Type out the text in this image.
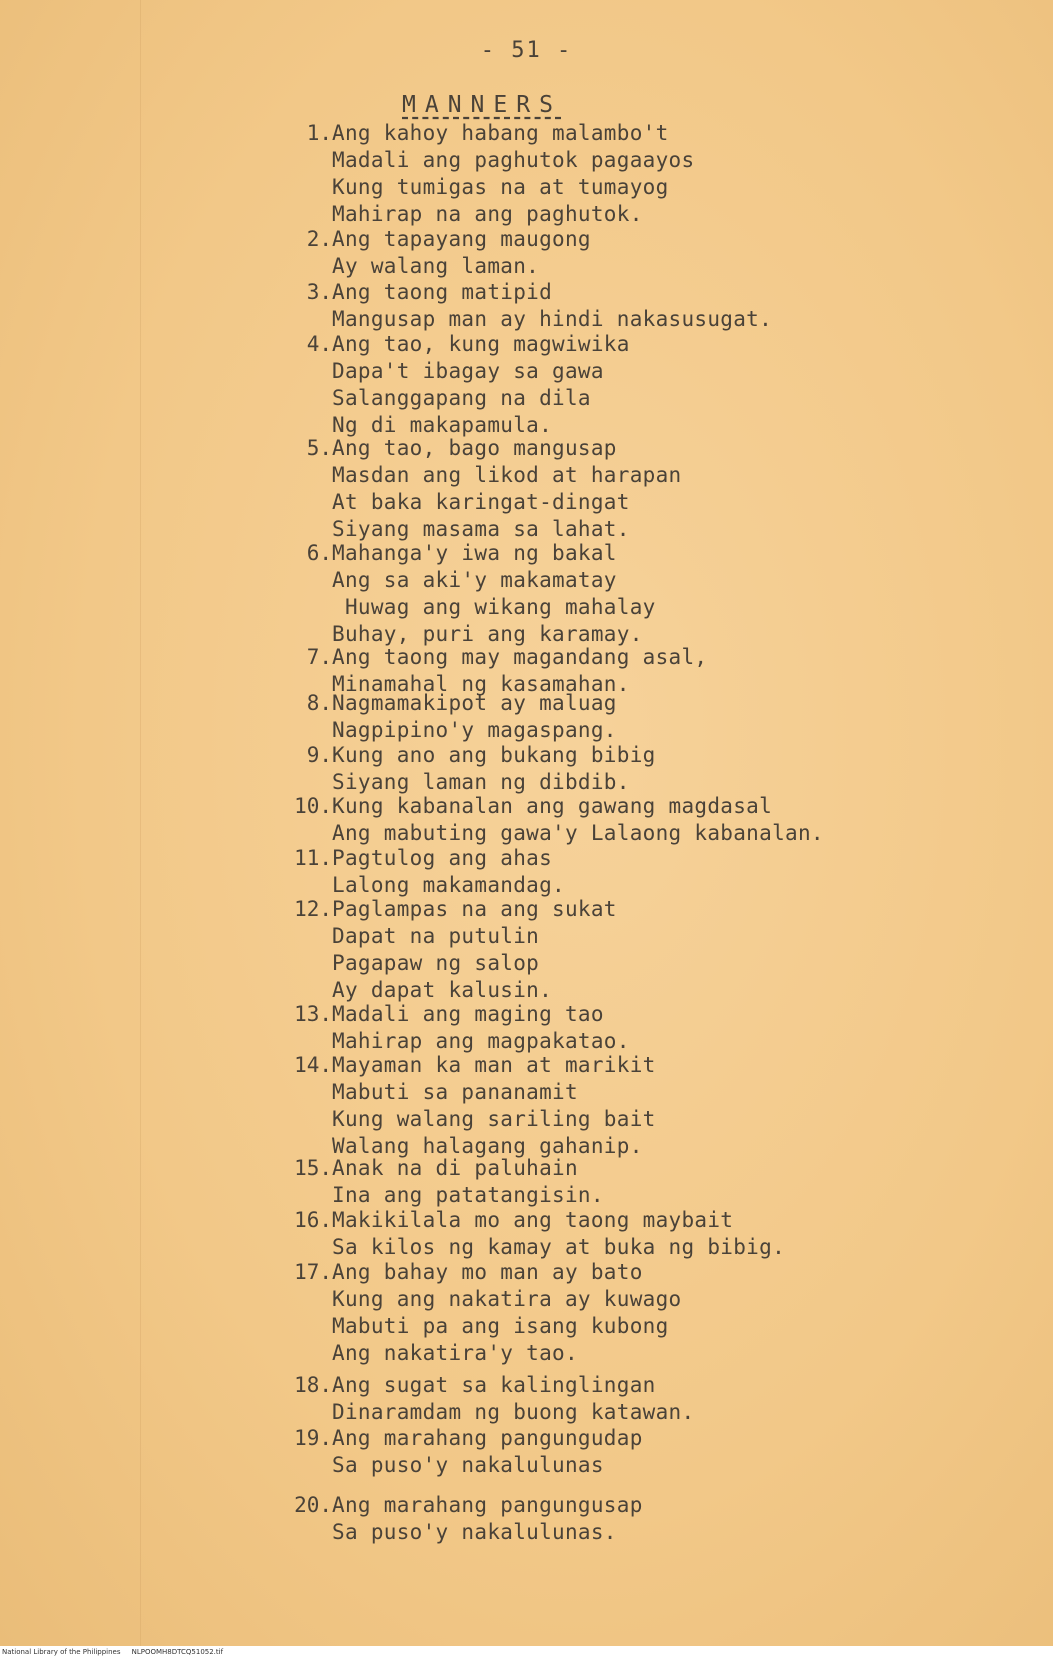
- 51 -
MANNERS
1. Ang kahoy habang malambo't
Madali ang paghutok pagaayos
Kung tumigas na at tumayog
Mahirap na ang paghutok.
2. Ang tapayang maugong
Ay walang laman.
3. Ang taong matipid
Mangusap man ay hindi nakasusugat.
4. Ang tao, kung magwiwika
Dapa't ibagay sa gawa
Salanggapang na dila
Ng di makapamula.
5. Ang tao, bago mangusap
Masdan ang likod at harapan
At baka karingat-dingat
Siyang masama sa lahat.
6. Mahanga'y iwa ng bakal
Ang sa aki'y makamatay
Huwag ang wikang mahalay
Buhay, puri ang karamay.
7. Ang taong may magandang asal,
Minamahal ng kasamahan.
8. Nagmamakipot ay maluag
Nagpipino'y magaspang.
9. Kung ano ang bukang bibig
Siyang laman ng dibdib.
10. Kung kabanalan ang gawang magdasal
Ang mabuting gawa'y Lalaong kabanalan.
11. Pagtulog ang ahas
Lalong makamandag.
12. Paglampas na ang sukat
Dapat na putulin
Pagapaw ng salop
Ay dapat kalusin.
13. Madali ang maging tao
Mahirap ang magpakatao.
14. Mayaman ka man at marikit
Mabuti sa pananamit
Kung walang sariling bait
Walang halagang gahanip.
15. Anak na di paluhain
Ina ang patatangisin.
16. Makikilala mo ang taong maybait
Sa kilos ng kamay at buka ng bibig.
17. Ang bahay mo man ay bato
Kung ang nakatira ay kuwago
Mabuti pa ang isang kubong
Ang nakatira'y tao.
18. Ang sugat sa kalinglingan
Dinaramdam ng buong katawan.
19. Ang marahang pangungudap
Sa puso'y nakalulunas
20. Ang marahang pangungusap
Sa puso'y nakalulunas.
National Library of the Philippines     NLPOOMH8DTCQ51052.tif
